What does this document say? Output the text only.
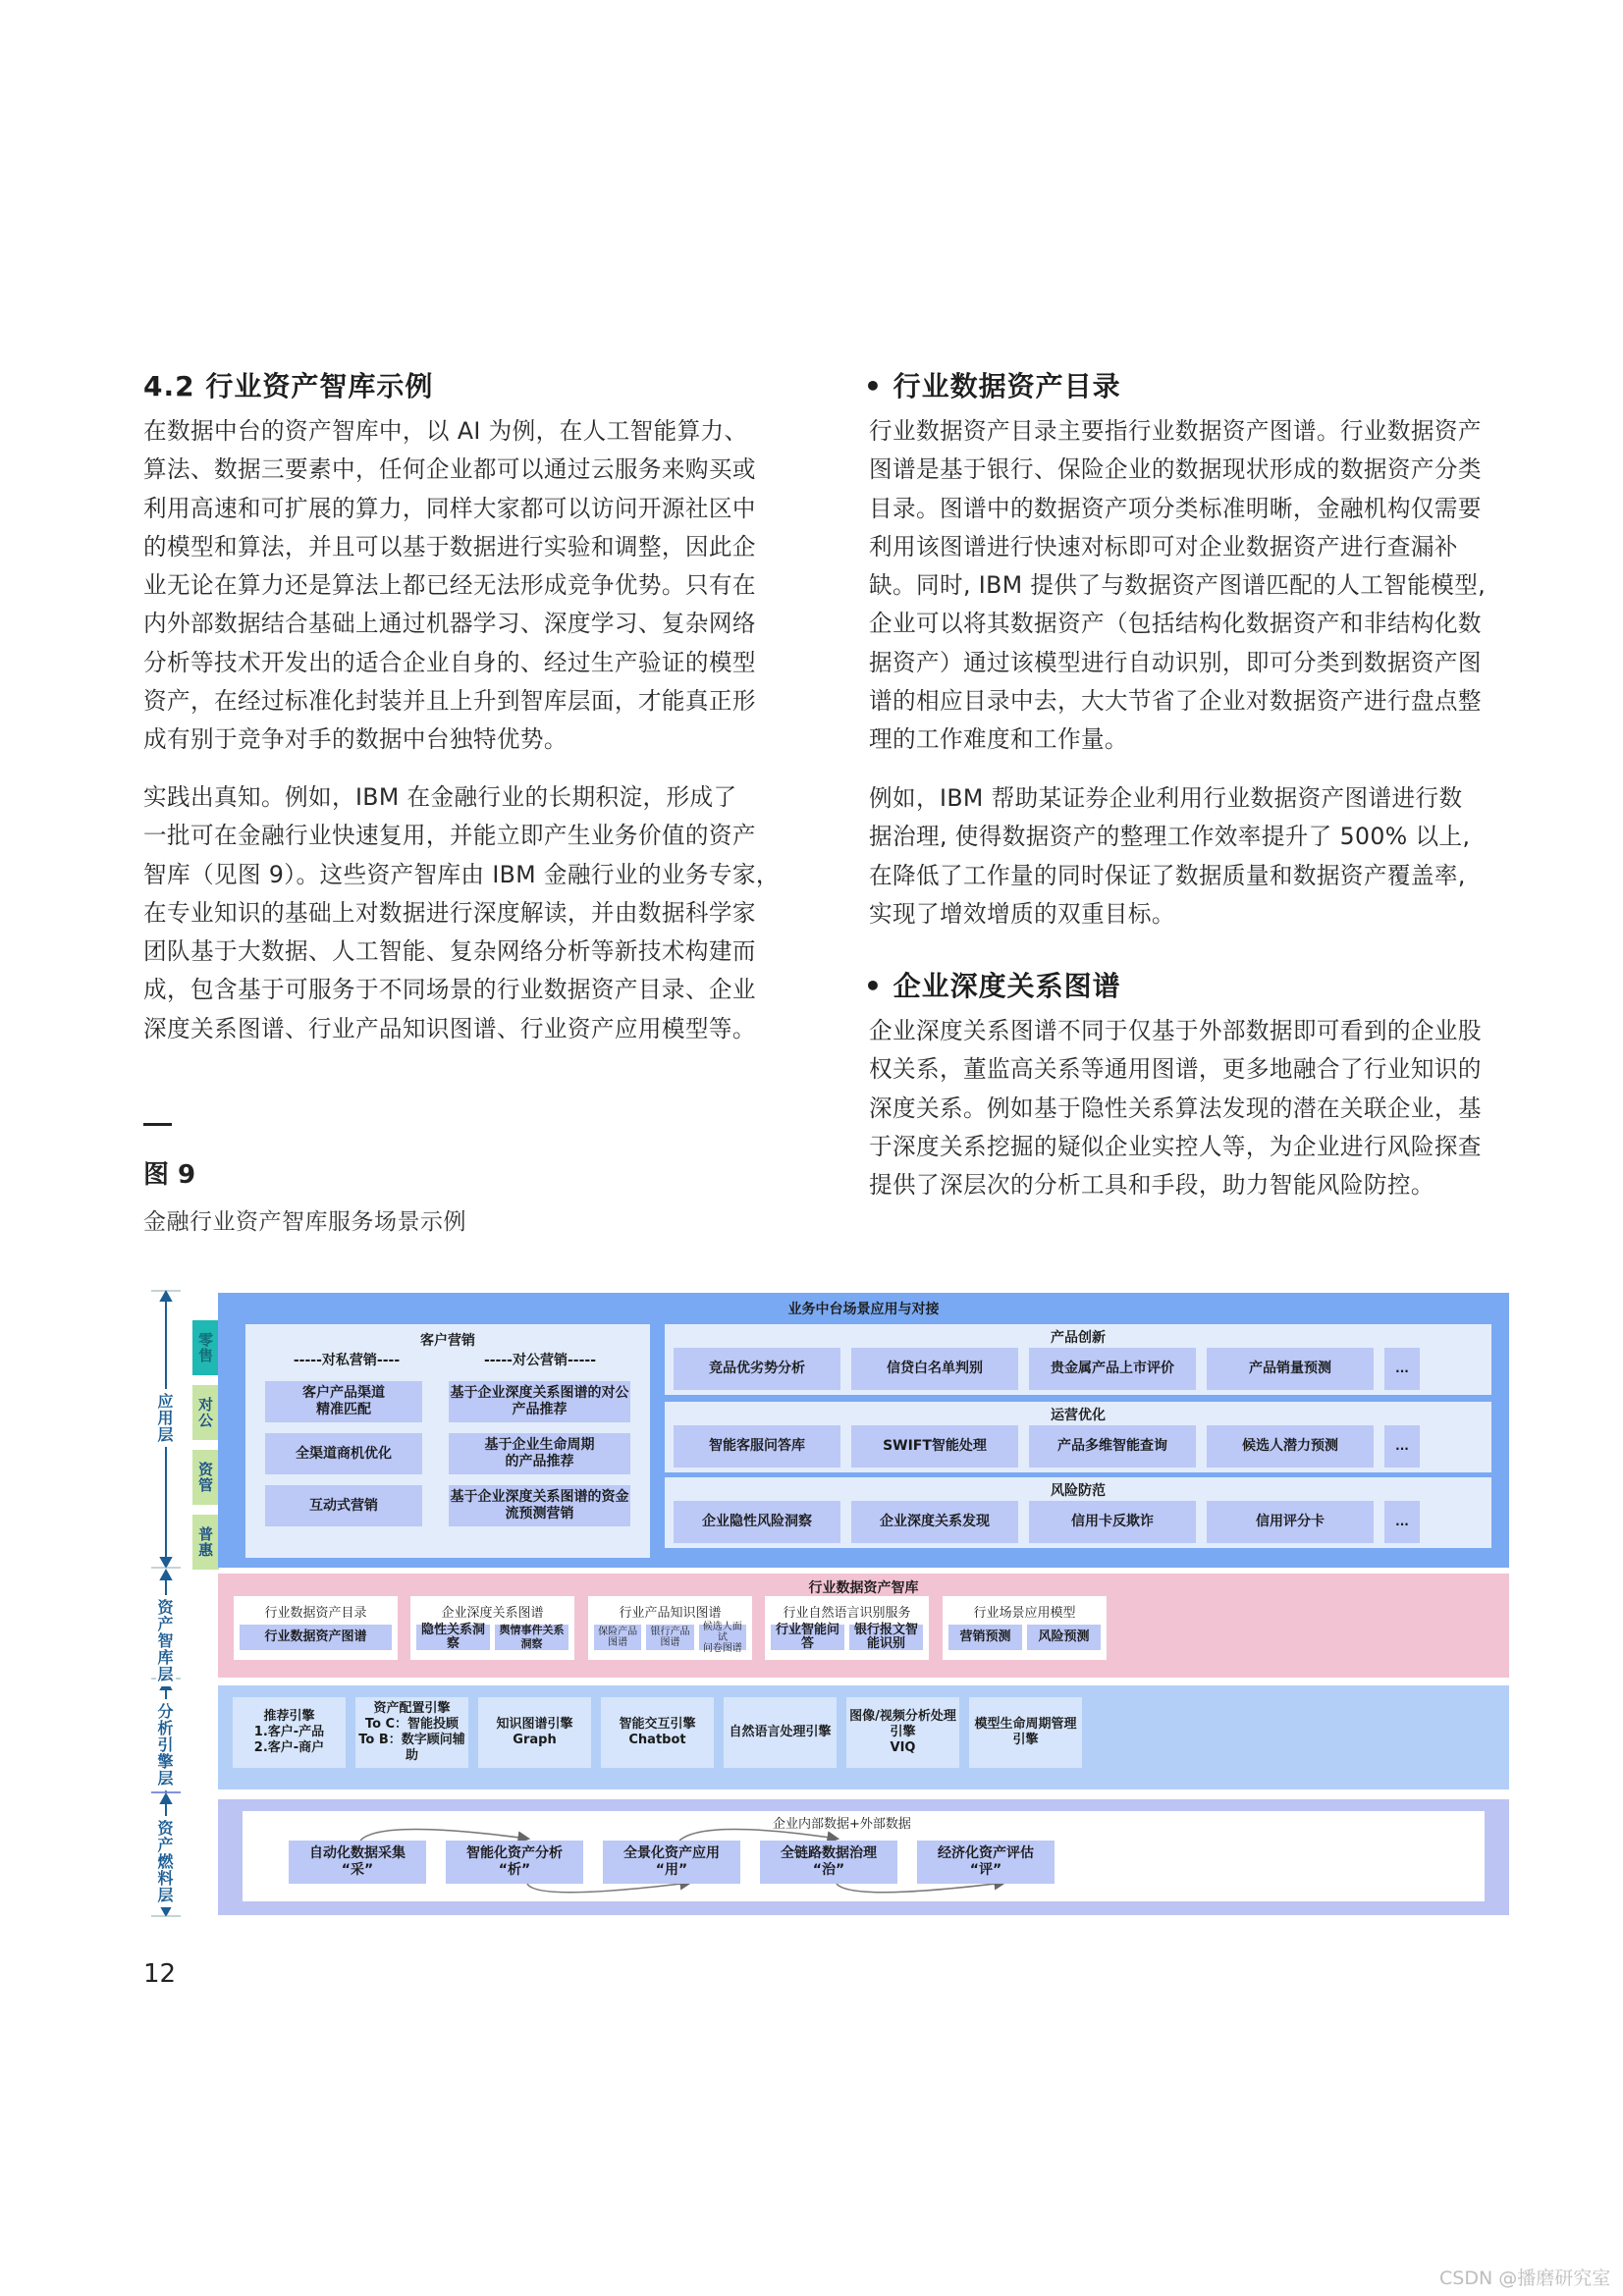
4.2 行业资产智库示例
在数据中台的资产智库中，以 AI 为例，在人工智能算力、
算法、数据三要素中，任何企业都可以通过云服务来购买或
利用高速和可扩展的算力，同样大家都可以访问开源社区中
的模型和算法，并且可以基于数据进行实验和调整，因此企
业无论在算力还是算法上都已经无法形成竞争优势。只有在
内外部数据结合基础上通过机器学习、深度学习、复杂网络
分析等技术开发出的适合企业自身的、经过生产验证的模型
资产，在经过标准化封装并且上升到智库层面，才能真正形
成有别于竞争对手的数据中台独特优势。
实践出真知。例如，IBM 在金融行业的长期积淀，形成了
一批可在金融行业快速复用，并能立即产生业务价值的资产
智库（见图 9）。这些资产智库由 IBM 金融行业的业务专家，
在专业知识的基础上对数据进行深度解读，并由数据科学家
团队基于大数据、人工智能、复杂网络分析等新技术构建而
成，包含基于可服务于不同场景的行业数据资产目录、企业
深度关系图谱、行业产品知识图谱、行业资产应用模型等。
图 9
金融行业资产智库服务场景示例
• 行业数据资产目录
行业数据资产目录主要指行业数据资产图谱。行业数据资产
图谱是基于银行、保险企业的数据现状形成的数据资产分类
目录。图谱中的数据资产项分类标准明晰，金融机构仅需要
利用该图谱进行快速对标即可对企业数据资产进行查漏补
缺。同时, IBM 提供了与数据资产图谱匹配的人工智能模型,
企业可以将其数据资产（包括结构化数据资产和非结构化数
据资产）通过该模型进行自动识别，即可分类到数据资产图
谱的相应目录中去，大大节省了企业对数据资产进行盘点整
理的工作难度和工作量。
例如，IBM 帮助某证券企业利用行业数据资产图谱进行数
据治理, 使得数据资产的整理工作效率提升了 500% 以上,
在降低了工作量的同时保证了数据质量和数据资产覆盖率,
实现了增效增质的双重目标。
• 企业深度关系图谱
企业深度关系图谱不同于仅基于外部数据即可看到的企业股
权关系，董监高关系等通用图谱，更多地融合了行业知识的
深度关系。例如基于隐性关系算法发现的潜在关联企业，基
于深度关系挖掘的疑似企业实控人等，为企业进行风险探查
提供了深层次的分析工具和手段，助力智能风险防控。
应用层
资产智库层
分析引擎层
资产燃料层
零售
对公
资管
普惠
业务中台场景应用与对接
客户营销
-----对私营销----	-----对公营销-----
客户产品渠道
精准匹配
全渠道商机优化
互动式营销
基于企业深度关系图谱的对公
产品推荐
基于企业生命周期
的产品推荐
基于企业深度关系图谱的资金
流预测营销
产品创新
竞品优劣势分析	信贷白名单判别	贵金属产品上市评价	产品销量预测	...
运营优化
智能客服问答库	SWIFT智能处理	产品多维智能查询	候选人潜力预测	...
风险防范
企业隐性风险洞察	企业深度关系发现	信用卡反欺诈	信用评分卡	...
行业数据资产智库
行业数据资产目录
行业数据资产图谱
企业深度关系图谱
隐性关系洞察
舆情事件关系洞察
行业产品知识图谱
保险产品图谱
银行产品图谱
候选人面试
问卷图谱
行业自然语言识别服务
行业智能问答
银行报文智能识别
行业场景应用模型
营销预测	风险预测
推荐引擎
1.客户-产品
2.客户-商户
资产配置引擎
To C：智能投顾
To B：数字顾问辅助
知识图谱引擎
Graph
智能交互引擎
Chatbot
自然语言处理引擎
图像/视频分析处理引擎
VIQ
模型生命周期管理引擎
企业内部数据+外部数据
自动化数据采集
“采”
智能化资产分析
“析”
全景化资产应用
“用”
全链路数据治理
“治”
经济化资产评估
“评”
12
CSDN @播磨研究室
